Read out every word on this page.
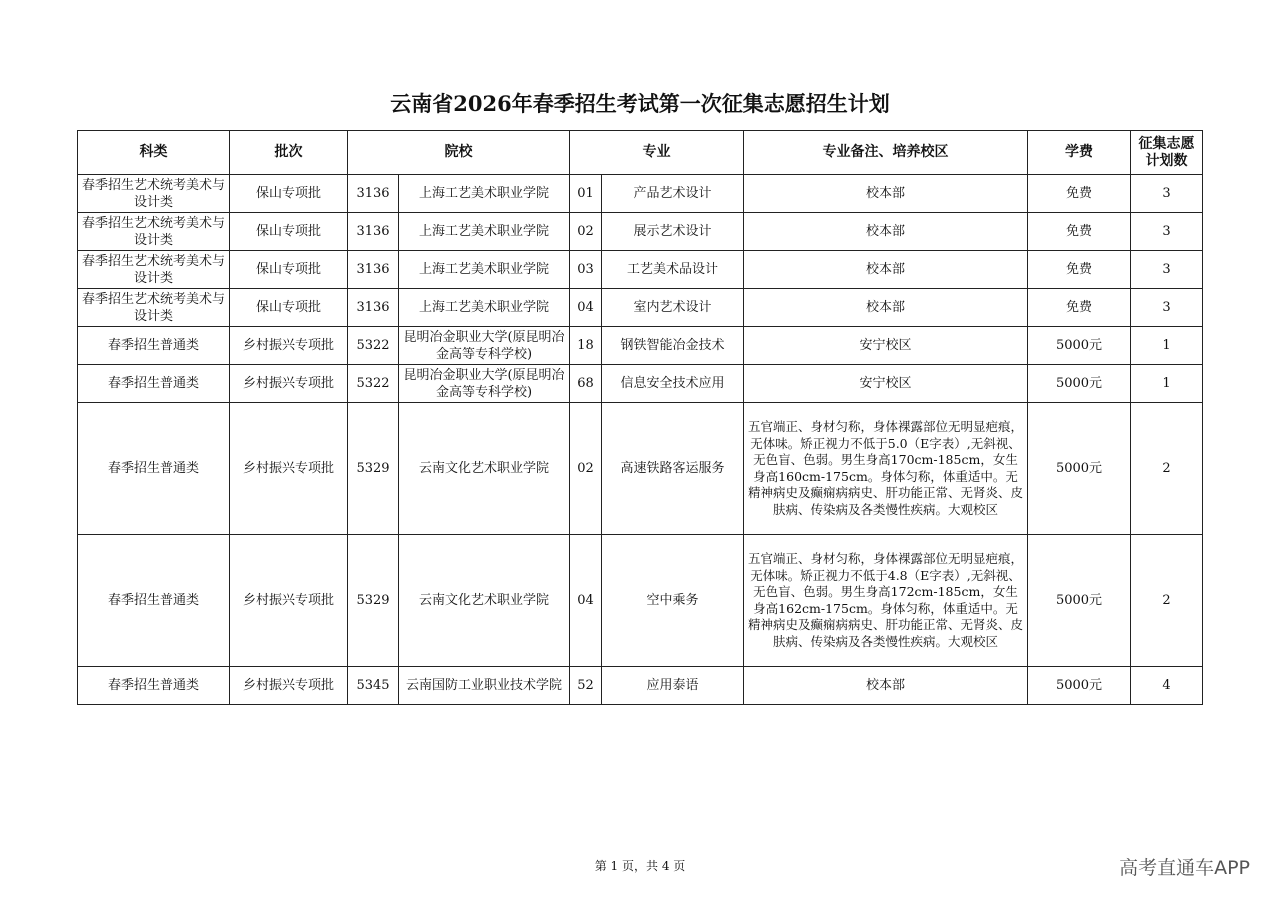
云南省2026年春季招生考试第一次征集志愿招生计划
科类	批次	院校		专业		专业备注、培养校区	学费	征集志愿计划数
春季招生艺术统考美术与设计类	保山专项批	3136	上海工艺美术职业学院	01	产品艺术设计	校本部	免费	3
春季招生艺术统考美术与设计类	保山专项批	3136	上海工艺美术职业学院	02	展示艺术设计	校本部	免费	3
春季招生艺术统考美术与设计类	保山专项批	3136	上海工艺美术职业学院	03	工艺美术品设计	校本部	免费	3
春季招生艺术统考美术与设计类	保山专项批	3136	上海工艺美术职业学院	04	室内艺术设计	校本部	免费	3
春季招生普通类	乡村振兴专项批	5322	昆明冶金职业大学(原昆明冶金高等专科学校)	18	钢铁智能冶金技术	安宁校区	5000元	1
春季招生普通类	乡村振兴专项批	5322	昆明冶金职业大学(原昆明冶金高等专科学校)	68	信息安全技术应用	安宁校区	5000元	1
春季招生普通类	乡村振兴专项批	5329	云南文化艺术职业学院	02	高速铁路客运服务	五官端正、身材匀称，身体裸露部位无明显疤痕，无体味。矫正视力不低于5.0（E字表）,无斜视、无色盲、色弱。男生身高170cm-185cm，女生身高160cm-175cm。身体匀称，体重适中。无精神病史及癫痫病病史、肝功能正常、无肾炎、皮肤病、传染病及各类慢性疾病。大观校区	5000元	2
春季招生普通类	乡村振兴专项批	5329	云南文化艺术职业学院	04	空中乘务	五官端正、身材匀称，身体裸露部位无明显疤痕，无体味。矫正视力不低于4.8（E字表）,无斜视、无色盲、色弱。男生身高172cm-185cm，女生身高162cm-175cm。身体匀称，体重适中。无精神病史及癫痫病病史、肝功能正常、无肾炎、皮肤病、传染病及各类慢性疾病。大观校区	5000元	2
春季招生普通类	乡村振兴专项批	5345	云南国防工业职业技术学院	52	应用泰语	校本部	5000元	4
第 1 页，共 4 页	高考直通车APP
